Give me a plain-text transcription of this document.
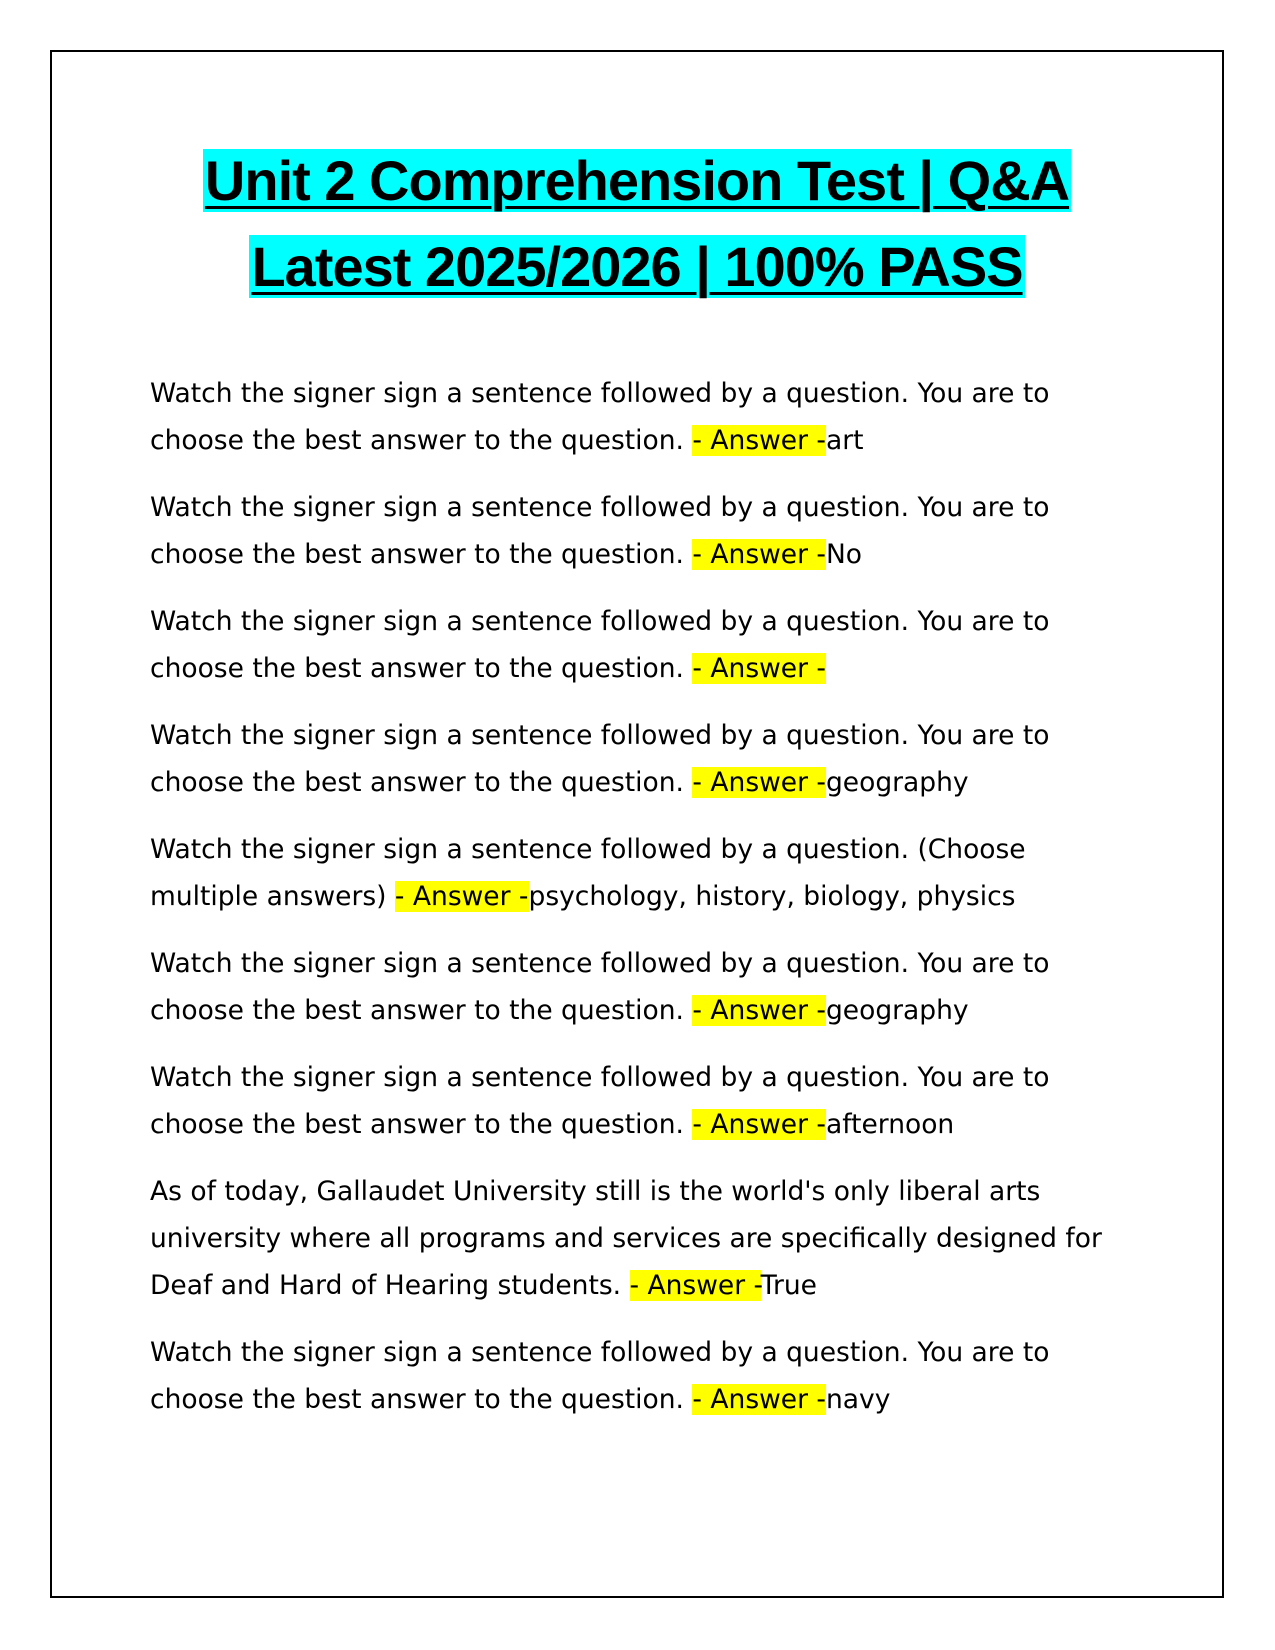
Unit 2 Comprehension Test | Q&A
Latest 2025/2026 | 100% PASS

Watch the signer sign a sentence followed by a question. You are to choose the best answer to the question. - Answer -art

Watch the signer sign a sentence followed by a question. You are to choose the best answer to the question. - Answer -No

Watch the signer sign a sentence followed by a question. You are to choose the best answer to the question. - Answer -

Watch the signer sign a sentence followed by a question. You are to choose the best answer to the question. - Answer -geography

Watch the signer sign a sentence followed by a question. (Choose multiple answers) - Answer -psychology, history, biology, physics

Watch the signer sign a sentence followed by a question. You are to choose the best answer to the question. - Answer -geography

Watch the signer sign a sentence followed by a question. You are to choose the best answer to the question. - Answer -afternoon

As of today, Gallaudet University still is the world's only liberal arts university where all programs and services are specifically designed for Deaf and Hard of Hearing students. - Answer -True

Watch the signer sign a sentence followed by a question. You are to choose the best answer to the question. - Answer -navy
